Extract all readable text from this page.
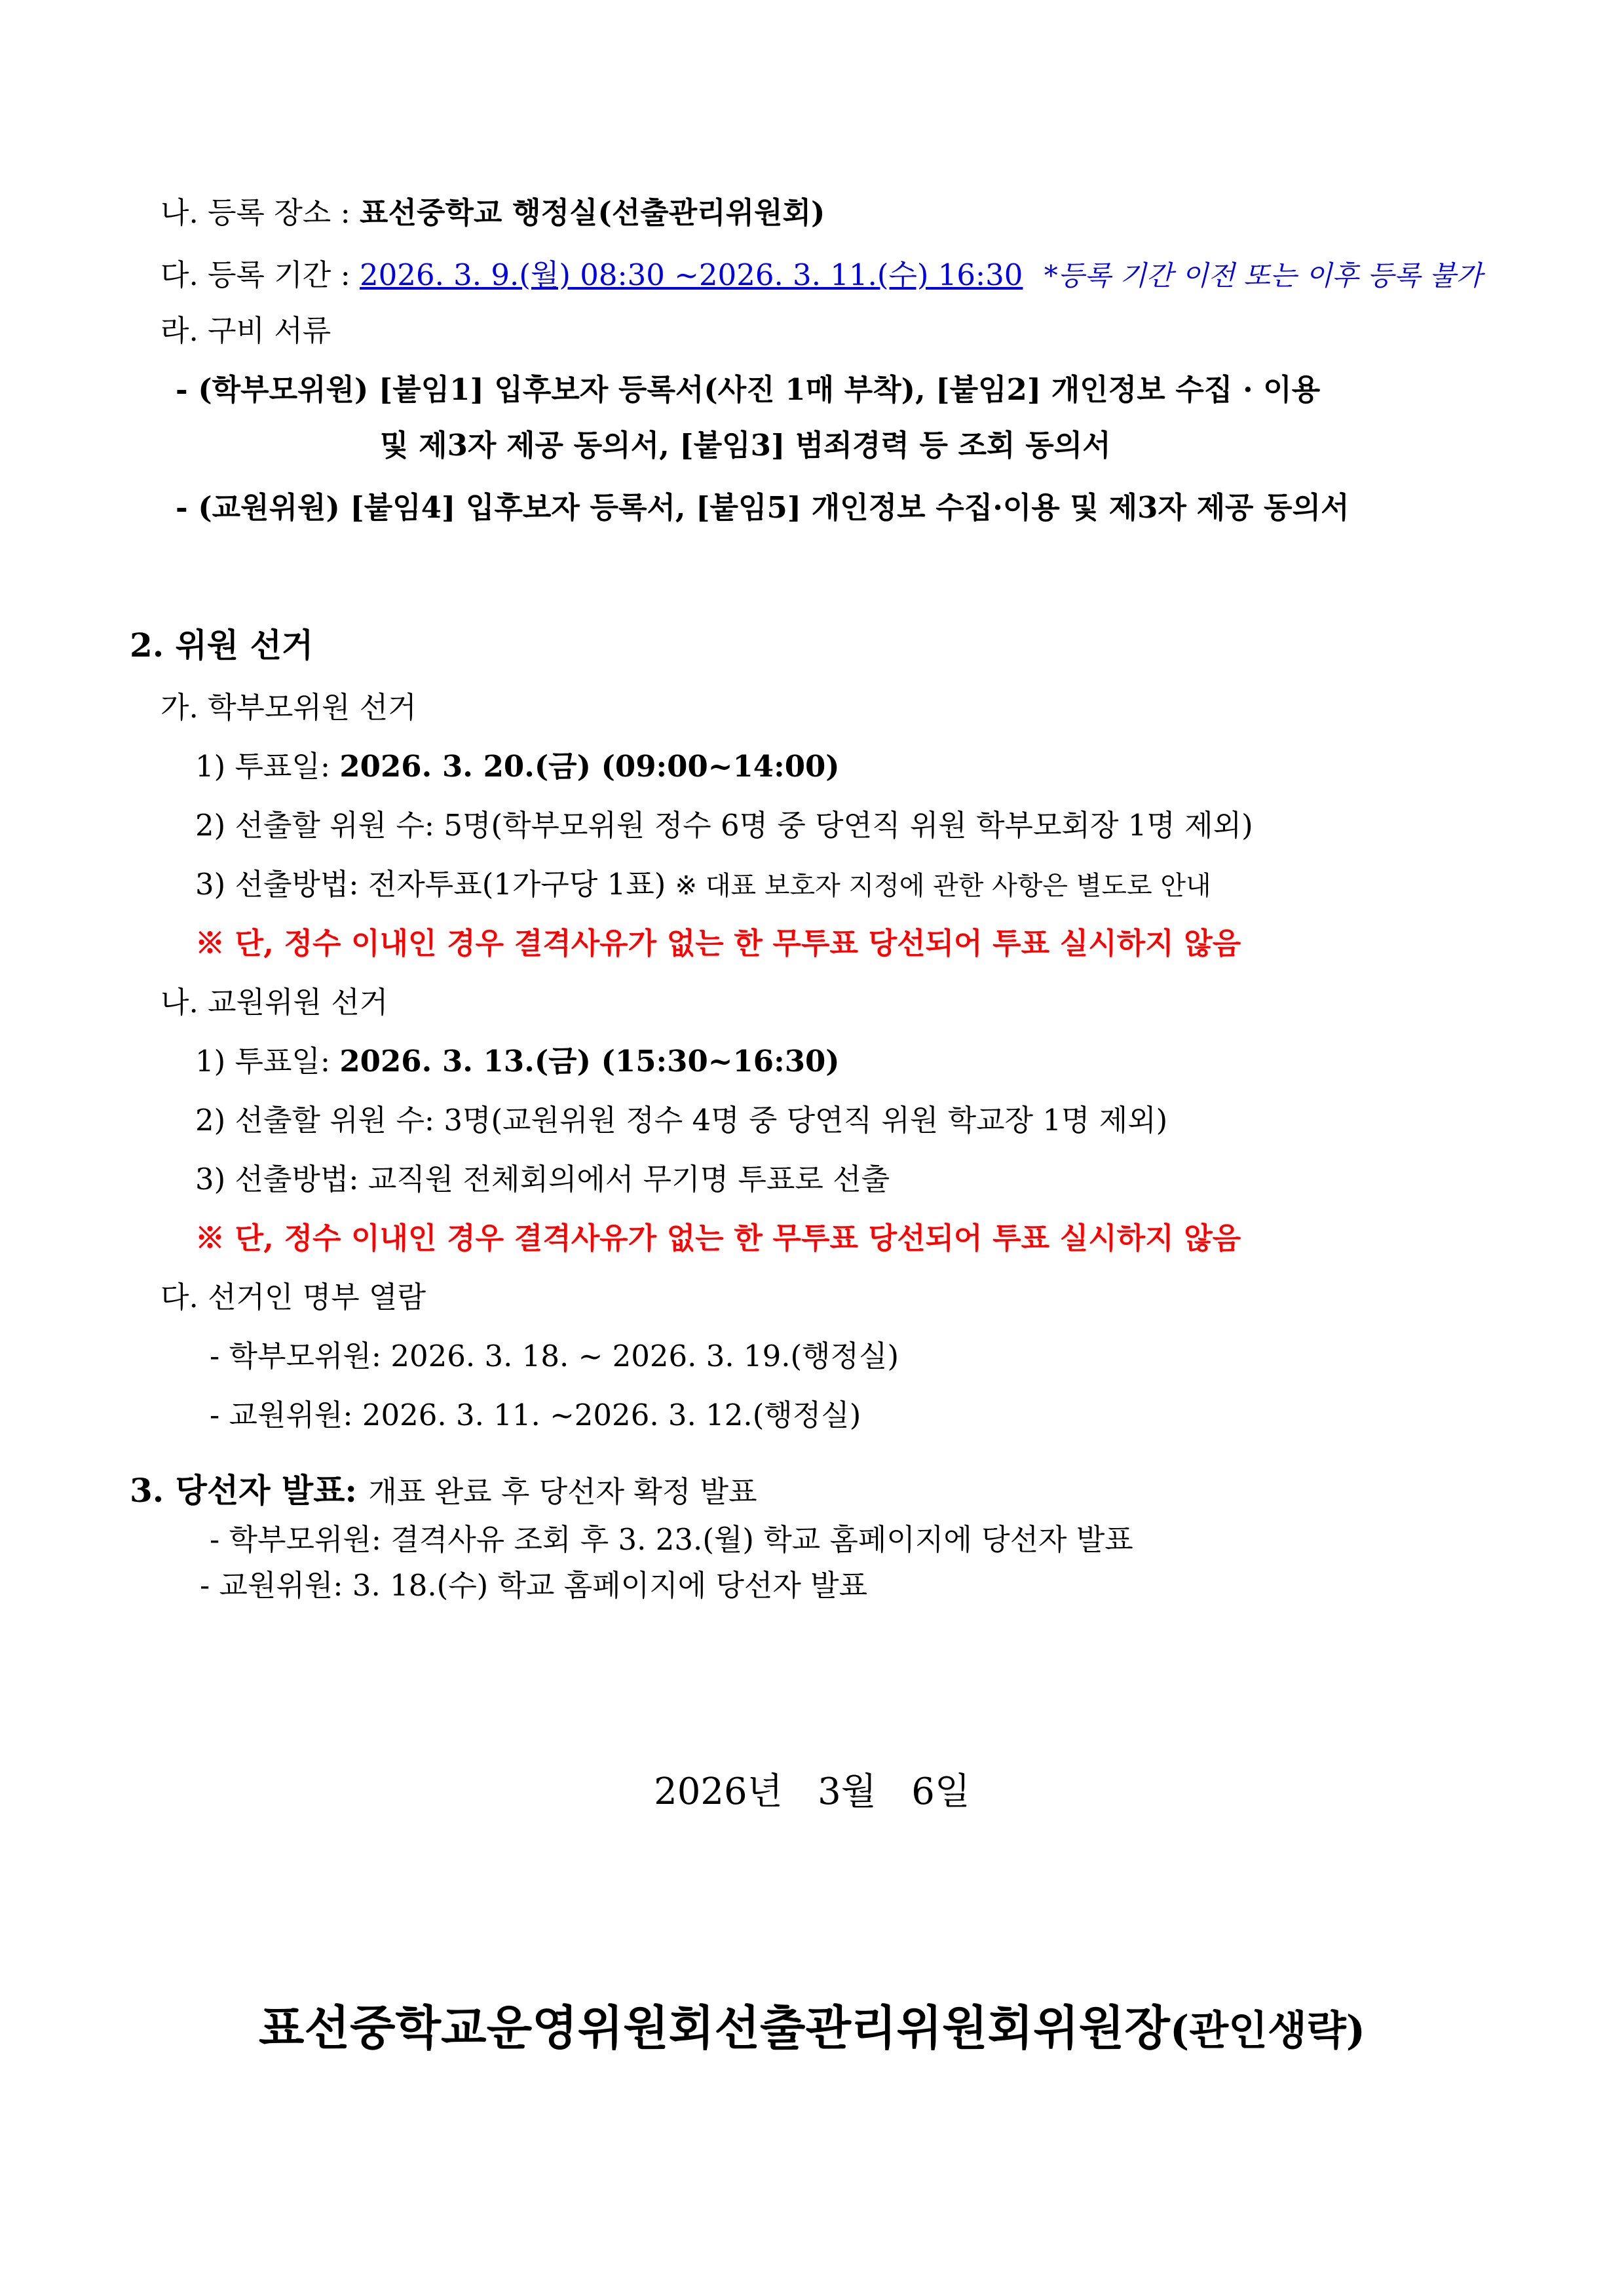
나. 등록 장소 : 표선중학교 행정실(선출관리위원회)
다. 등록 기간 : 2026. 3. 9.(월) 08:30 ~2026. 3. 11.(수) 16:30 *등록 기간 이전 또는 이후 등록 불가
라. 구비 서류
- (학부모위원) [붙임1] 입후보자 등록서(사진 1매 부착), [붙임2] 개인정보 수집 · 이용
및 제3자 제공 동의서, [붙임3] 범죄경력 등 조회 동의서
- (교원위원) [붙임4] 입후보자 등록서, [붙임5] 개인정보 수집·이용 및 제3자 제공 동의서
2. 위원 선거
가. 학부모위원 선거
1) 투표일: 2026. 3. 20.(금) (09:00~14:00)
2) 선출할 위원 수: 5명(학부모위원 정수 6명 중 당연직 위원 학부모회장 1명 제외)
3) 선출방법: 전자투표(1가구당 1표) ※ 대표 보호자 지정에 관한 사항은 별도로 안내
※ 단, 정수 이내인 경우 결격사유가 없는 한 무투표 당선되어 투표 실시하지 않음
나. 교원위원 선거
1) 투표일: 2026. 3. 13.(금) (15:30~16:30)
2) 선출할 위원 수: 3명(교원위원 정수 4명 중 당연직 위원 학교장 1명 제외)
3) 선출방법: 교직원 전체회의에서 무기명 투표로 선출
※ 단, 정수 이내인 경우 결격사유가 없는 한 무투표 당선되어 투표 실시하지 않음
다. 선거인 명부 열람
- 학부모위원: 2026. 3. 18. ~ 2026. 3. 19.(행정실)
- 교원위원: 2026. 3. 11. ~2026. 3. 12.(행정실)
3. 당선자 발표: 개표 완료 후 당선자 확정 발표
- 학부모위원: 결격사유 조회 후 3. 23.(월) 학교 홈페이지에 당선자 발표
- 교원위원: 3. 18.(수) 학교 홈페이지에 당선자 발표
2026년   3월   6일
표선중학교운영위원회선출관리위원회위원장(관인생략)
